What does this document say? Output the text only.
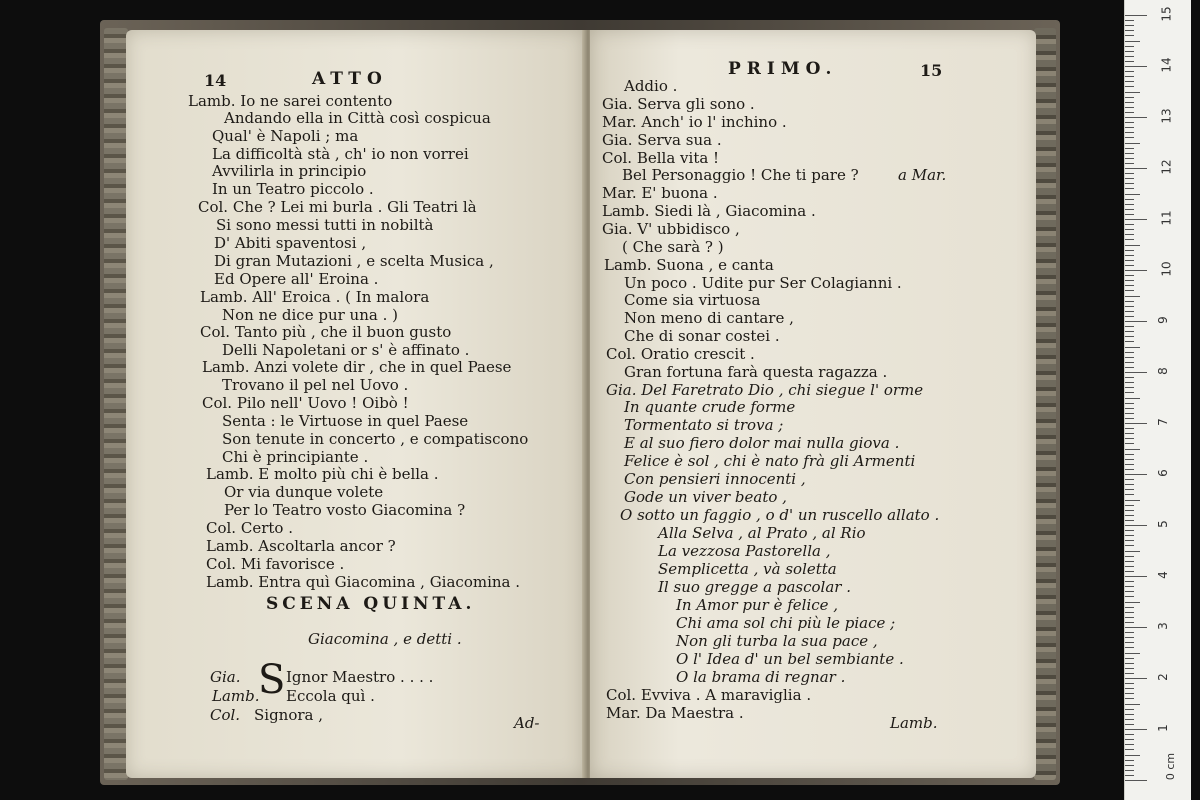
14	ATTO
Lamb. Io ne sarei contento
Andando ella in Città così cospicua
Qual' è Napoli ; ma
La difficoltà stà , ch' io non vorrei
Avvilirla in principio
In un Teatro piccolo .
Col. Che ? Lei mi burla . Gli Teatri là
Si sono messi tutti in nobiltà
D' Abiti spaventosi ,
Di gran Mutazioni , e scelta Musica ,
Ed Opere all' Eroina .
Lamb. All' Eroica . ( In malora
Non ne dice pur una . )
Col. Tanto più , che il buon gusto
Delli Napoletani or s' è affinato .
Lamb. Anzi volete dir , che in quel Paese
Trovano il pel nel Uovo .
Col. Pilo nell' Uovo ! Oibò !
Senta : le Virtuose in quel Paese
Son tenute in concerto , e compatiscono
Chi è principiante .
Lamb. E molto più chi è bella .
Or via dunque volete
Per lo Teatro vosto Giacomina ?
Col. Certo .
Lamb. Ascoltarla ancor ?
Col. Mi favorisce .
Lamb. Entra quì Giacomina , Giacomina .
SCENA QUINTA.
Giacomina , e detti .
Gia. S Ignor Maestro . . . .
Lamb. Eccola quì .
Col. Signora ,	Ad-
PRIMO.	15
Addio .
Gia. Serva gli sono .
Mar. Anch' io l' inchino .
Gia. Serva sua .
Col. Bella vita !
Bel Personaggio ! Che ti pare ?	a Mar.
Mar. E' buona .
Lamb. Siedi là , Giacomina .
Gia. V' ubbidisco ,
( Che sarà ? )
Lamb. Suona , e canta
Un poco . Udite pur Ser Colagianni .
Come sia virtuosa
Non meno di cantare ,
Che di sonar costei .
Col. Oratio crescit .
Gran fortuna farà questa ragazza .
Gia. Del Faretrato Dio , chi siegue l' orme
In quante crude forme
Tormentato si trova ;
E al suo fiero dolor mai nulla giova .
Felice è sol , chi è nato frà gli Armenti
Con pensieri innocenti ,
Gode un viver beato ,
O sotto un faggio , o d' un ruscello allato .
Alla Selva , al Prato , al Rio
La vezzosa Pastorella ,
Semplicetta , và soletta
Il suo gregge a pascolar .
In Amor pur è felice ,
Chi ama sol chi più le piace ;
Non gli turba la sua pace ,
O l' Idea d' un bel sembiante .
O la brama di regnar .
Col. Evviva . A maraviglia .
Mar. Da Maestra .
Lamb.	1
2
3
4
5
6
7
8
9
10
11
12
13
14
15
0 cm
